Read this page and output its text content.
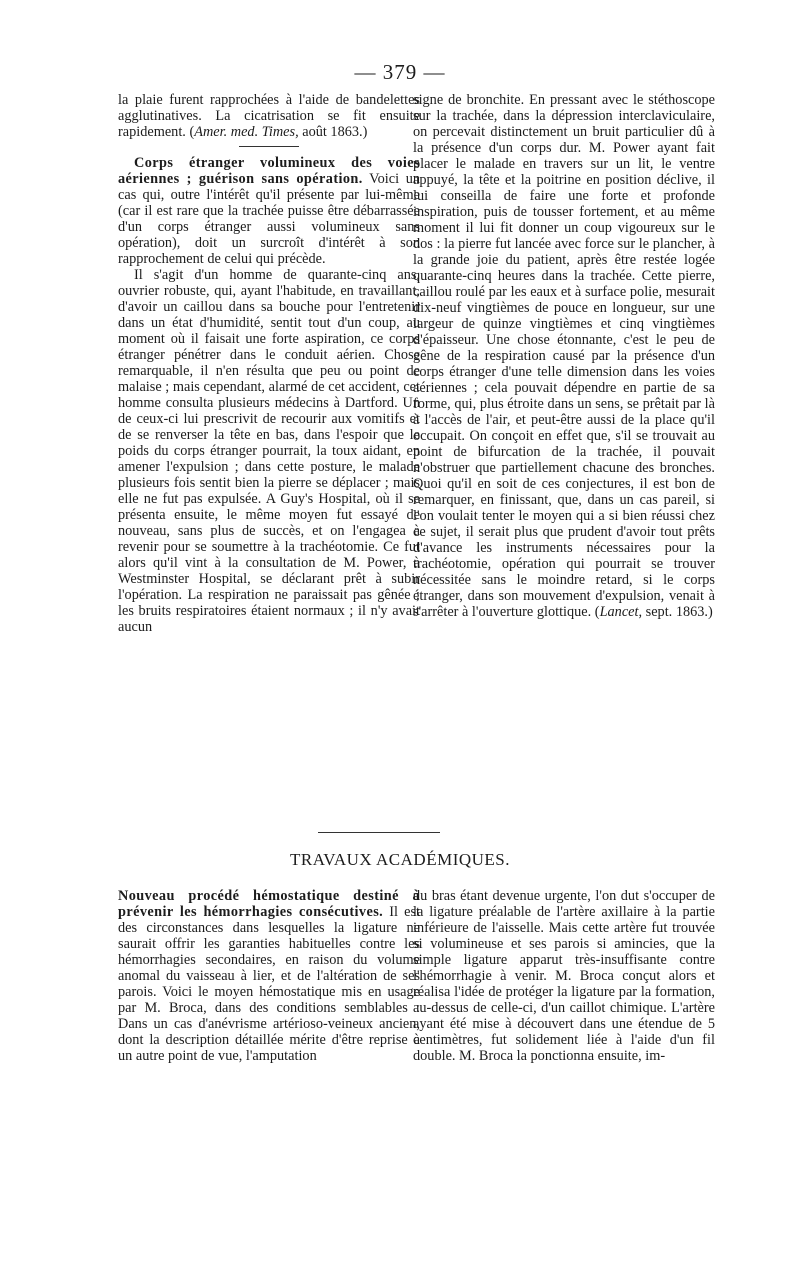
— 379 —

la plaie furent rapprochées à l'aide de bandelettes agglutinatives. La cicatrisation se fit ensuite rapidement. (Amer. med. Times, août 1863.)

Corps étranger volumineux des voies aériennes ; guérison sans opération. Voici un cas qui, outre l'intérêt qu'il présente par lui-même (car il est rare que la trachée puisse être débarrassée d'un corps étranger aussi volumineux sans opération), doit un surcroît d'intérêt à son rapprochement de celui qui précède.

Il s'agit d'un homme de quarante-cinq ans, ouvrier robuste, qui, ayant l'habitude, en travaillant, d'avoir un caillou dans sa bouche pour l'entretenir dans un état d'humidité, sentit tout d'un coup, au moment où il faisait une forte aspiration, ce corps étranger pénétrer dans le conduit aérien. Chose remarquable, il n'en résulta que peu ou point de malaise ; mais cependant, alarmé de cet accident, cet homme consulta plusieurs médecins à Dartford. Un de ceux-ci lui prescrivit de recourir aux vomitifs et de se renverser la tête en bas, dans l'espoir que le poids du corps étranger pourrait, la toux aidant, en amener l'expulsion ; dans cette posture, le malade plusieurs fois sentit bien la pierre se déplacer ; mais elle ne fut pas expulsée. A Guy's Hospital, où il se présenta ensuite, le même moyen fut essayé de nouveau, sans plus de succès, et on l'engagea à revenir pour se soumettre à la trachéotomie. Ce fut alors qu'il vint à la consultation de M. Power, à Westminster Hospital, se déclarant prêt à subir l'opération. La respiration ne paraissait pas gênée ; les bruits respiratoires étaient normaux ; il n'y avait aucun

signe de bronchite. En pressant avec le stéthoscope sur la trachée, dans la dépression interclaviculaire, on percevait distinctement un bruit particulier dû à la présence d'un corps dur. M. Power ayant fait placer le malade en travers sur un lit, le ventre appuyé, la tête et la poitrine en position déclive, il lui conseilla de faire une forte et profonde inspiration, puis de tousser fortement, et au même moment il lui fit donner un coup vigoureux sur le dos : la pierre fut lancée avec force sur le plancher, à la grande joie du patient, après être restée logée quarante-cinq heures dans la trachée. Cette pierre, caillou roulé par les eaux et à surface polie, mesurait dix-neuf vingtièmes de pouce en longueur, sur une largeur de quinze vingtièmes et cinq vingtièmes d'épaisseur. Une chose étonnante, c'est le peu de gêne de la respiration causé par la présence d'un corps étranger d'une telle dimension dans les voies aériennes ; cela pouvait dépendre en partie de sa forme, qui, plus étroite dans un sens, se prêtait par là à l'accès de l'air, et peut-être aussi de la place qu'il occupait. On conçoit en effet que, s'il se trouvait au point de bifurcation de la trachée, il pouvait n'obstruer que partiellement chacune des bronches. Quoi qu'il en soit de ces conjectures, il est bon de remarquer, en finissant, que, dans un cas pareil, si l'on voulait tenter le moyen qui a si bien réussi chez ce sujet, il serait plus que prudent d'avoir tout prêts d'avance les instruments nécessaires pour la trachéotomie, opération qui pourrait se trouver nécessitée sans le moindre retard, si le corps étranger, dans son mouvement d'expulsion, venait à s'arrêter à l'ouverture glottique. (Lancet, sept. 1863.)

TRAVAUX ACADÉMIQUES.

Nouveau procédé hémostatique destiné à prévenir les hémorrhagies consécutives. Il est des circonstances dans lesquelles la ligature ne saurait offrir les garanties habituelles contre les hémorrhagies secondaires, en raison du volume anomal du vaisseau à lier, et de l'altération de ses parois. Voici le moyen hémostatique mis en usage par M. Broca, dans des conditions semblables : Dans un cas d'anévrisme artérioso-veineux ancien, dont la description détaillée mérite d'être reprise à un autre point de vue, l'amputation

du bras étant devenue urgente, l'on dut s'occuper de la ligature préalable de l'artère axillaire à la partie inférieure de l'aisselle. Mais cette artère fut trouvée si volumineuse et ses parois si amincies, que la simple ligature apparut très-insuffisante contre l'hémorrhagie à venir. M. Broca conçut alors et réalisa l'idée de protéger la ligature par la formation, au-dessus de celle-ci, d'un caillot chimique. L'artère ayant été mise à découvert dans une étendue de 5 centimètres, fut solidement liée à l'aide d'un fil double. M. Broca la ponctionna ensuite, im-
